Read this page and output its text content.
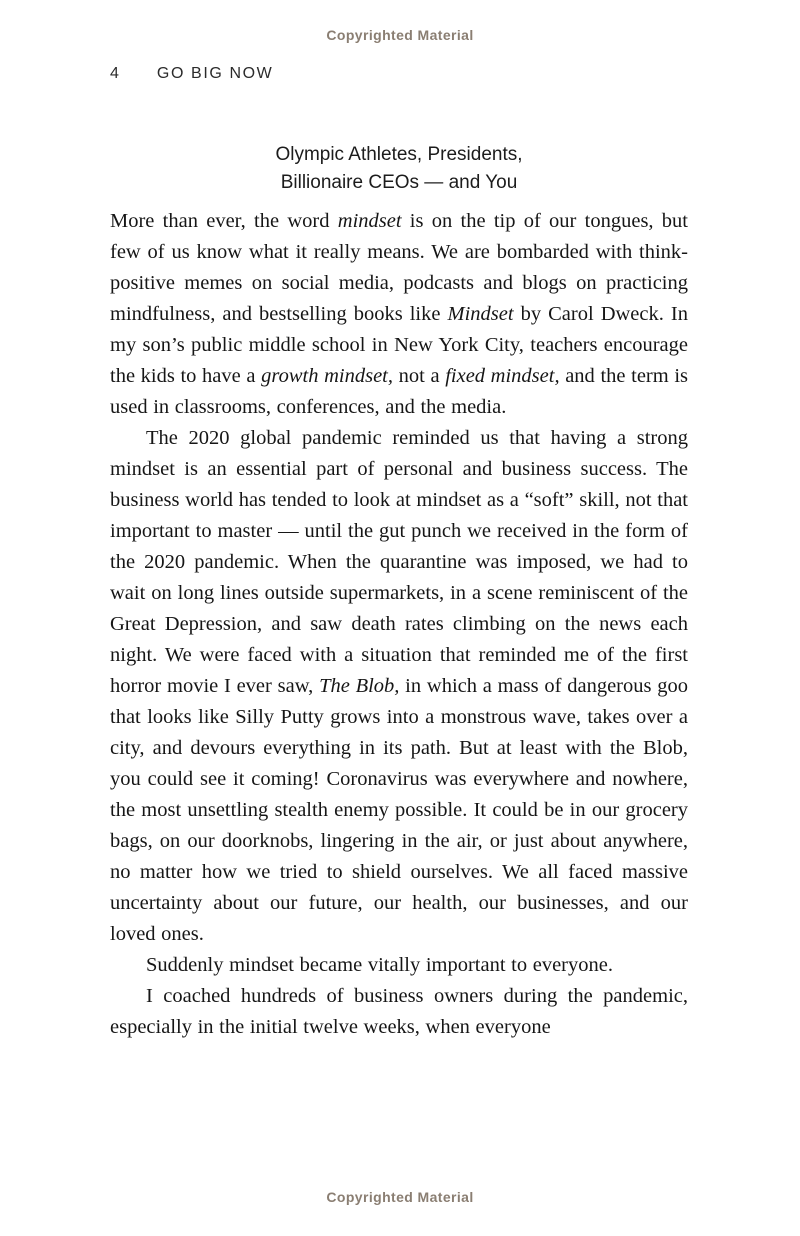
Copyrighted Material
4 GO BIG NOW
Olympic Athletes, Presidents,
Billionaire CEOs — and You

More than ever, the word mindset is on the tip of our tongues, but few of us know what it really means. We are bombarded with think-positive memes on social media, podcasts and blogs on practicing mindfulness, and bestselling books like Mindset by Carol Dweck. In my son’s public middle school in New York City, teachers encourage the kids to have a growth mindset, not a fixed mindset, and the term is used in classrooms, conferences, and the media.

The 2020 global pandemic reminded us that having a strong mindset is an essential part of personal and business success. The business world has tended to look at mindset as a “soft” skill, not that important to master — until the gut punch we received in the form of the 2020 pandemic. When the quarantine was imposed, we had to wait on long lines outside supermarkets, in a scene reminiscent of the Great Depression, and saw death rates climbing on the news each night. We were faced with a situation that reminded me of the first horror movie I ever saw, The Blob, in which a mass of dangerous goo that looks like Silly Putty grows into a monstrous wave, takes over a city, and devours everything in its path. But at least with the Blob, you could see it coming! Coronavirus was everywhere and nowhere, the most unsettling stealth enemy possible. It could be in our grocery bags, on our doorknobs, lingering in the air, or just about anywhere, no matter how we tried to shield ourselves. We all faced massive uncertainty about our future, our health, our businesses, and our loved ones.

Suddenly mindset became vitally important to everyone.

I coached hundreds of business owners during the pandemic, especially in the initial twelve weeks, when everyone

Copyrighted Material
